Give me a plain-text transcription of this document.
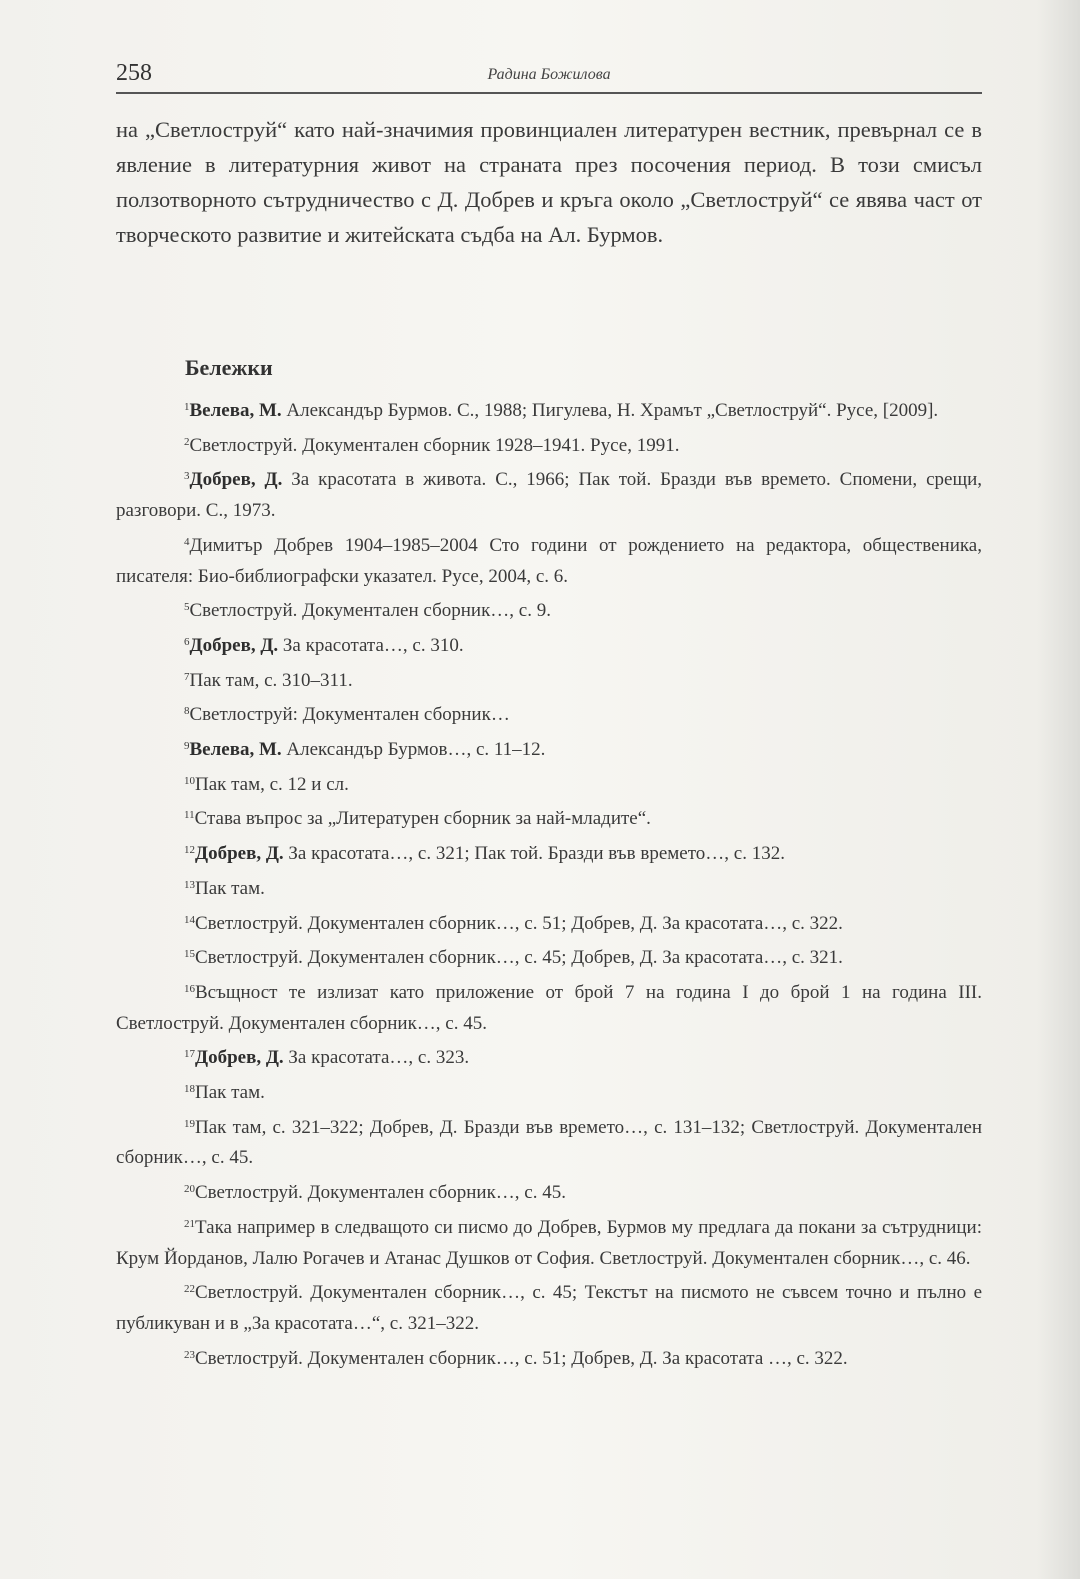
258	Радина Божилова

на „Светлоструй“ като най-значимия провинциален литературен вестник, превърнал се в явление в литературния живот на страната през посочения период. В този смисъл ползотворното сътрудничество с Д. Добрев и кръга около „Светлоструй“ се явява част от творческото развитие и житейската съдба на Ал. Бурмов.

Бележки

$^1$Велева, М. Александър Бурмов. С., 1988; Пигулева, Н. Храмът „Светлоструй“. Русе, [2009].

$^2$Светлоструй. Документален сборник 1928–1941. Русе, 1991.

$^3$Добрев, Д. За красотата в живота. С., 1966; Пак той. Бразди във времето. Спомени, срещи, разговори. С., 1973.

$^4$Димитър Добрев 1904–1985–2004 Сто години от рождението на редактора, общественика, писателя: Био-библиографски указател. Русе, 2004, с. 6.

$^5$Светлоструй. Документален сборник…, с. 9.

$^6$Добрев, Д. За красотата…, с. 310.

$^7$Пак там, с. 310–311.

$^8$Светлоструй: Документален сборник…

$^9$Велева, М. Александър Бурмов…, с. 11–12.

$^{10}$Пак там, с. 12 и сл.

$^{11}$Става въпрос за „Литературен сборник за най-младите“.

$^{12}$Добрев, Д. За красотата…, с. 321; Пак той. Бразди във времето…, с. 132.

$^{13}$Пак там.

$^{14}$Светлоструй. Документален сборник…, с. 51; Добрев, Д. За красотата…, с. 322.

$^{15}$Светлоструй. Документален сборник…, с. 45; Добрев, Д. За красотата…, с. 321.

$^{16}$Всъщност те излизат като приложение от брой 7 на година I до брой 1 на година III. Светлоструй. Документален сборник…, с. 45.

$^{17}$Добрев, Д. За красотата…, с. 323.

$^{18}$Пак там.

$^{19}$Пак там, с. 321–322; Добрев, Д. Бразди във времето…, с. 131–132; Светлоструй. Документален сборник…, с. 45.

$^{20}$Светлоструй. Документален сборник…, с. 45.

$^{21}$Така например в следващото си писмо до Добрев, Бурмов му предлага да покани за сътрудници: Крум Йорданов, Лалю Рогачев и Атанас Душков от София. Светлоструй. Документален сборник…, с. 46.

$^{22}$Светлоструй. Документален сборник…, с. 45; Текстът на писмото не съвсем точно и пълно е публикуван и в „За красотата…“, с. 321–322.

$^{23}$Светлоструй. Документален сборник…, с. 51; Добрев, Д. За красотата …, с. 322.
